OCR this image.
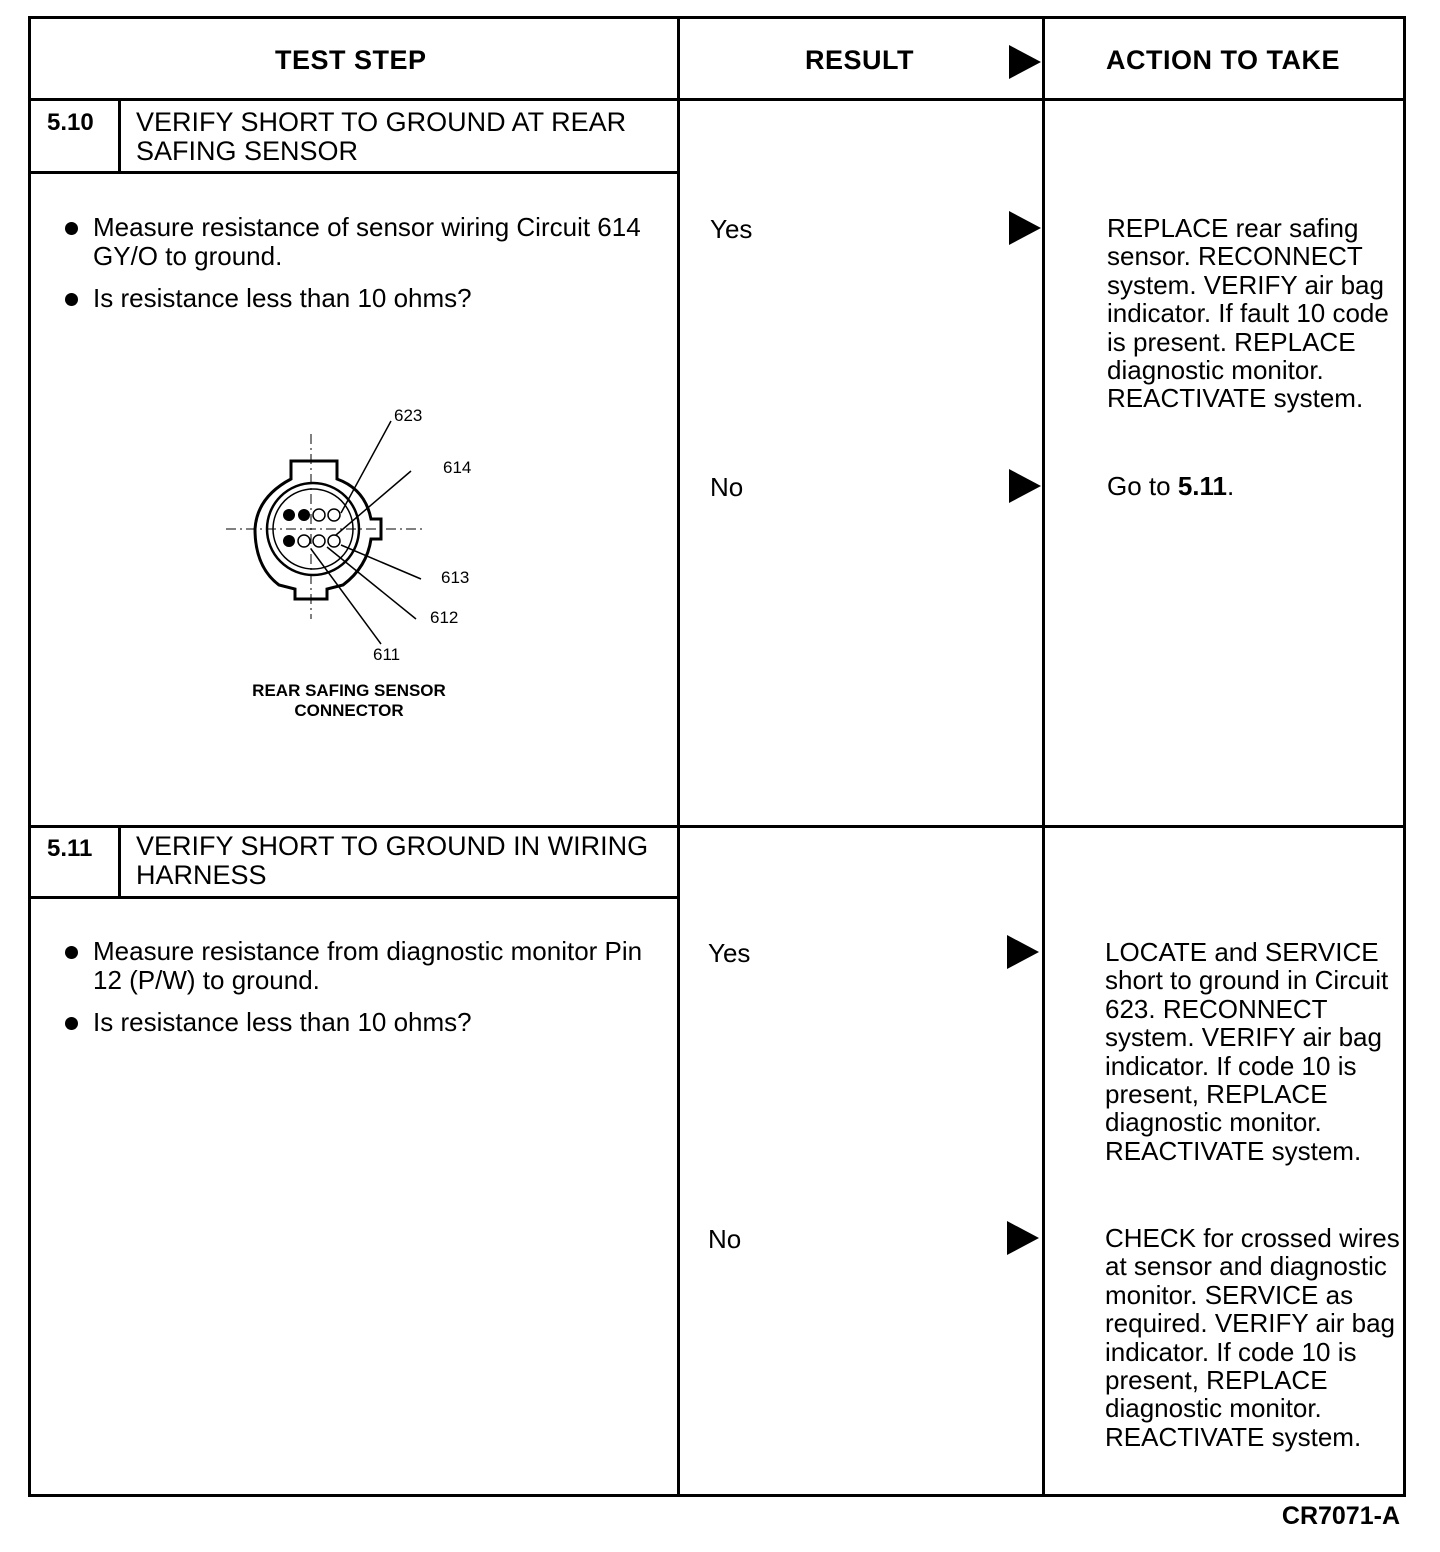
TEST STEP	RESULT	ACTION TO TAKE
5.10 VERIFY SHORT TO GROUND AT REAR SAFING SENSOR
Measure resistance of sensor wiring Circuit 614 GY/O to ground.
Is resistance less than 10 ohms?
623
614
613
612
611
REAR SAFING SENSOR
CONNECTOR
Yes	REPLACE rear safing sensor. RECONNECT system. VERIFY air bag indicator. If fault 10 code is present. REPLACE diagnostic monitor. REACTIVATE system.
No	Go to 5.11.
5.11 VERIFY SHORT TO GROUND IN WIRING HARNESS
Measure resistance from diagnostic monitor Pin 12 (P/W) to ground.
Is resistance less than 10 ohms?
Yes	LOCATE and SERVICE short to ground in Circuit 623. RECONNECT system. VERIFY air bag indicator. If code 10 is present, REPLACE diagnostic monitor. REACTIVATE system.
No	CHECK for crossed wires at sensor and diagnostic monitor. SERVICE as required. VERIFY air bag indicator. If code 10 is present, REPLACE diagnostic monitor. REACTIVATE system.
CR7071-A
